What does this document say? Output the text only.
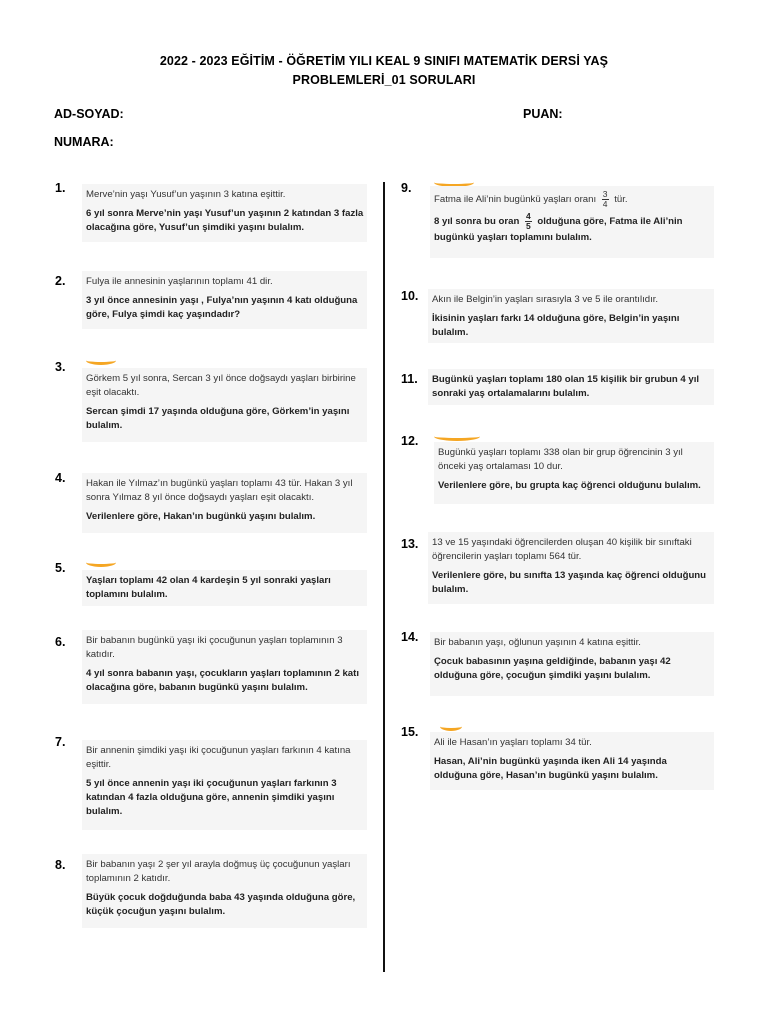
2022 - 2023 EĞİTİM - ÖĞRETİM YILI KEAL 9 SINIFI MATEMATİK DERSİ YAŞ
PROBLEMLERİ_01 SORULARI
AD-SOYAD:	PUAN:
NUMARA:
1. Merve’nin yaşı Yusuf’un yaşının 3 katına eşittir.

6 yıl sonra Merve’nin yaşı Yusuf’un yaşının 2 katından 3 fazla olacağına göre, Yusuf’un şimdiki yaşını bulalım.

2. Fulya ile annesinin yaşlarının toplamı 41 dir.

3 yıl önce annesinin yaşı , Fulya’nın yaşının 4 katı olduğuna göre, Fulya şimdi kaç yaşındadır?

3.

Görkem 5 yıl sonra, Sercan 3 yıl önce doğsaydı yaşları birbirine eşit olacaktı.

Sercan şimdi 17 yaşında olduğuna göre, Görkem’in yaşını bulalım.

4. Hakan ile Yılmaz’ın bugünkü yaşları toplamı 43 tür. Hakan 3 yıl sonra Yılmaz 8 yıl önce doğsaydı yaşları eşit olacaktı.

Verilenlere göre, Hakan’ın bugünkü yaşını bulalım.

5.

Yaşları toplamı 42 olan 4 kardeşin 5 yıl sonraki yaşları toplamını bulalım.

6. Bir babanın bugünkü yaşı iki çocuğunun yaşları toplamının 3 katıdır.

4 yıl sonra babanın yaşı, çocukların yaşları toplamının 2 katı olacağına göre, babanın bugünkü yaşını bulalım.

7.

Bir annenin şimdiki yaşı iki çocuğunun yaşları farkının 4 katına eşittir.

5 yıl önce annenin yaşı iki çocuğunun yaşları farkının 3 katından 4 fazla olduğuna göre, annenin şimdiki yaşını bulalım.

8. Bir babanın yaşı 2 şer yıl arayla doğmuş üç çocuğunun yaşları toplamının 2 katıdır.

Büyük çocuk doğduğunda baba 43 yaşında olduğuna göre, küçük çocuğun yaşını bulalım.

9.

Fatma ile Ali’nin bugünkü yaşları oranı $\frac{3}{4}$ tür.

8 yıl sonra bu oran $\frac{4}{5}$ olduğuna göre, Fatma ile Ali’nin bugünkü yaşları toplamını bulalım.

10. Akın ile Belgin’in yaşları sırasıyla 3 ve 5 ile orantılıdır.

İkisinin yaşları farkı 14 olduğuna göre, Belgin’in yaşını bulalım.

11. Bugünkü yaşları toplamı 180 olan 15 kişilik bir grubun 4 yıl sonraki yaş ortalamalarını bulalım.

12.

Bugünkü yaşları toplamı 338 olan bir grup öğrencinin 3 yıl önceki yaş ortalaması 10 dur.

Verilenlere göre, bu grupta kaç öğrenci olduğunu bulalım.

13. 13 ve 15 yaşındaki öğrencilerden oluşan 40 kişilik bir sınıftaki öğrencilerin yaşları toplamı 564 tür.

Verilenlere göre, bu sınıfta 13 yaşında kaç öğrenci olduğunu bulalım.

14. Bir babanın yaşı, oğlunun yaşının 4 katına eşittir.

Çocuk babasının yaşına geldiğinde, babanın yaşı 42 olduğuna göre, çocuğun şimdiki yaşını bulalım.

15.

Ali ile Hasan’ın yaşları toplamı 34 tür.

Hasan, Ali’nin bugünkü yaşında iken Ali 14 yaşında olduğuna göre, Hasan’ın bugünkü yaşını bulalım.
